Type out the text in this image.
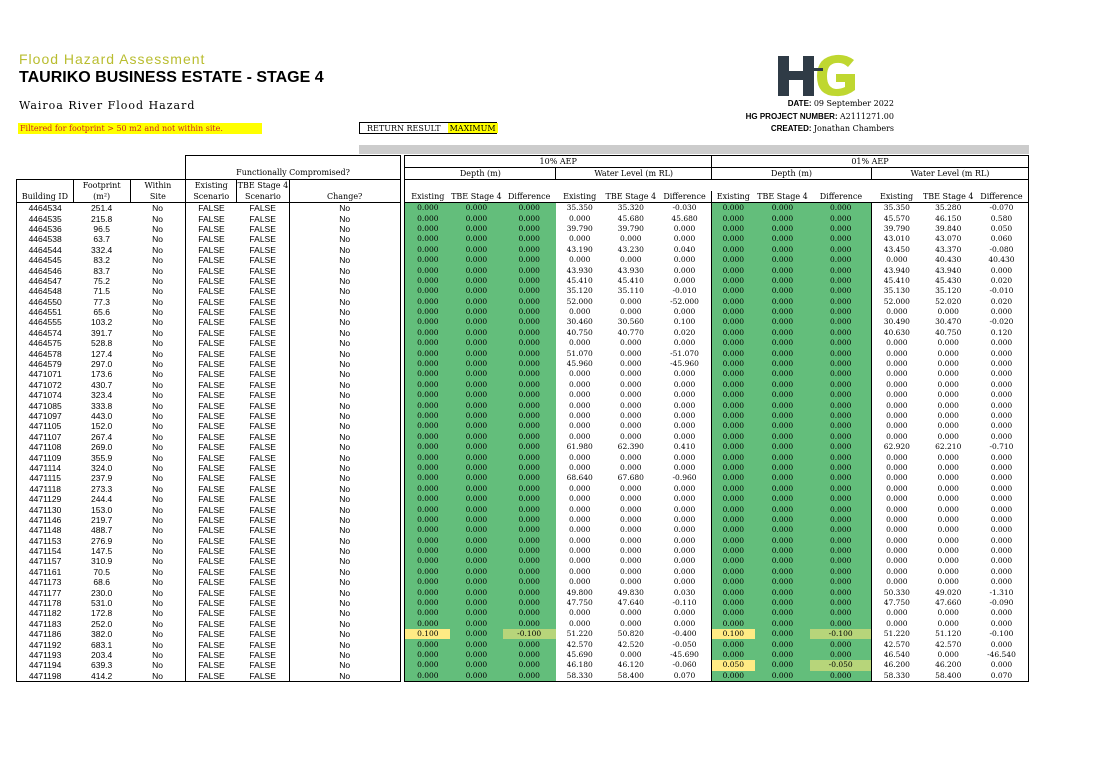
Flood Hazard Assessment
TAURIKO BUSINESS ESTATE - STAGE 4
Wairoa River Flood Hazard
Filtered for footprint > 50 m2 and not within site.	RETURN RESULT	MAXIMUM
DATE: 09 September 2022
HG PROJECT NUMBER: A2111271.00
CREATED: Jonathan Chambers
							10% AEP						01% AEP					
			Functionally Compromised?				Depth (m)			Water Level (m RL)			Depth (m)			Water Level (m RL)		
	Footprint	Within	Existing	TBE Stage 4														
Building ID	(m²)	Site	Scenario	Scenario	Change?		Existing	TBE Stage 4	Difference	Existing	TBE Stage 4	Difference	Existing	TBE Stage 4	Difference	Existing	TBE Stage 4	Difference
4464534	251.4	No	FALSE	FALSE	No		0.000	0.000	0.000	35.350	35.320	-0.030	0.000	0.000	0.000	35.350	35.280	-0.070
4464535	215.8	No	FALSE	FALSE	No		0.000	0.000	0.000	0.000	45.680	45.680	0.000	0.000	0.000	45.570	46.150	0.580
4464536	96.5	No	FALSE	FALSE	No		0.000	0.000	0.000	39.790	39.790	0.000	0.000	0.000	0.000	39.790	39.840	0.050
4464538	63.7	No	FALSE	FALSE	No		0.000	0.000	0.000	0.000	0.000	0.000	0.000	0.000	0.000	43.010	43.070	0.060
4464544	332.4	No	FALSE	FALSE	No		0.000	0.000	0.000	43.190	43.230	0.040	0.000	0.000	0.000	43.450	43.370	-0.080
4464545	83.2	No	FALSE	FALSE	No		0.000	0.000	0.000	0.000	0.000	0.000	0.000	0.000	0.000	0.000	40.430	40.430
4464546	83.7	No	FALSE	FALSE	No		0.000	0.000	0.000	43.930	43.930	0.000	0.000	0.000	0.000	43.940	43.940	0.000
4464547	75.2	No	FALSE	FALSE	No		0.000	0.000	0.000	45.410	45.410	0.000	0.000	0.000	0.000	45.410	45.430	0.020
4464548	71.5	No	FALSE	FALSE	No		0.000	0.000	0.000	35.120	35.110	-0.010	0.000	0.000	0.000	35.130	35.120	-0.010
4464550	77.3	No	FALSE	FALSE	No		0.000	0.000	0.000	52.000	0.000	-52.000	0.000	0.000	0.000	52.000	52.020	0.020
4464551	65.6	No	FALSE	FALSE	No		0.000	0.000	0.000	0.000	0.000	0.000	0.000	0.000	0.000	0.000	0.000	0.000
4464555	103.2	No	FALSE	FALSE	No		0.000	0.000	0.000	30.460	30.560	0.100	0.000	0.000	0.000	30.490	30.470	-0.020
4464574	391.7	No	FALSE	FALSE	No		0.000	0.000	0.000	40.750	40.770	0.020	0.000	0.000	0.000	40.630	40.750	0.120
4464575	528.8	No	FALSE	FALSE	No		0.000	0.000	0.000	0.000	0.000	0.000	0.000	0.000	0.000	0.000	0.000	0.000
4464578	127.4	No	FALSE	FALSE	No		0.000	0.000	0.000	51.070	0.000	-51.070	0.000	0.000	0.000	0.000	0.000	0.000
4464579	297.0	No	FALSE	FALSE	No		0.000	0.000	0.000	45.960	0.000	-45.960	0.000	0.000	0.000	0.000	0.000	0.000
4471071	173.6	No	FALSE	FALSE	No		0.000	0.000	0.000	0.000	0.000	0.000	0.000	0.000	0.000	0.000	0.000	0.000
4471072	430.7	No	FALSE	FALSE	No		0.000	0.000	0.000	0.000	0.000	0.000	0.000	0.000	0.000	0.000	0.000	0.000
4471074	323.4	No	FALSE	FALSE	No		0.000	0.000	0.000	0.000	0.000	0.000	0.000	0.000	0.000	0.000	0.000	0.000
4471085	333.8	No	FALSE	FALSE	No		0.000	0.000	0.000	0.000	0.000	0.000	0.000	0.000	0.000	0.000	0.000	0.000
4471097	443.0	No	FALSE	FALSE	No		0.000	0.000	0.000	0.000	0.000	0.000	0.000	0.000	0.000	0.000	0.000	0.000
4471105	152.0	No	FALSE	FALSE	No		0.000	0.000	0.000	0.000	0.000	0.000	0.000	0.000	0.000	0.000	0.000	0.000
4471107	267.4	No	FALSE	FALSE	No		0.000	0.000	0.000	0.000	0.000	0.000	0.000	0.000	0.000	0.000	0.000	0.000
4471108	269.0	No	FALSE	FALSE	No		0.000	0.000	0.000	61.980	62.390	0.410	0.000	0.000	0.000	62.920	62.210	-0.710
4471109	355.9	No	FALSE	FALSE	No		0.000	0.000	0.000	0.000	0.000	0.000	0.000	0.000	0.000	0.000	0.000	0.000
4471114	324.0	No	FALSE	FALSE	No		0.000	0.000	0.000	0.000	0.000	0.000	0.000	0.000	0.000	0.000	0.000	0.000
4471115	237.9	No	FALSE	FALSE	No		0.000	0.000	0.000	68.640	67.680	-0.960	0.000	0.000	0.000	0.000	0.000	0.000
4471118	273.3	No	FALSE	FALSE	No		0.000	0.000	0.000	0.000	0.000	0.000	0.000	0.000	0.000	0.000	0.000	0.000
4471129	244.4	No	FALSE	FALSE	No		0.000	0.000	0.000	0.000	0.000	0.000	0.000	0.000	0.000	0.000	0.000	0.000
4471130	153.0	No	FALSE	FALSE	No		0.000	0.000	0.000	0.000	0.000	0.000	0.000	0.000	0.000	0.000	0.000	0.000
4471146	219.7	No	FALSE	FALSE	No		0.000	0.000	0.000	0.000	0.000	0.000	0.000	0.000	0.000	0.000	0.000	0.000
4471148	488.7	No	FALSE	FALSE	No		0.000	0.000	0.000	0.000	0.000	0.000	0.000	0.000	0.000	0.000	0.000	0.000
4471153	276.9	No	FALSE	FALSE	No		0.000	0.000	0.000	0.000	0.000	0.000	0.000	0.000	0.000	0.000	0.000	0.000
4471154	147.5	No	FALSE	FALSE	No		0.000	0.000	0.000	0.000	0.000	0.000	0.000	0.000	0.000	0.000	0.000	0.000
4471157	310.9	No	FALSE	FALSE	No		0.000	0.000	0.000	0.000	0.000	0.000	0.000	0.000	0.000	0.000	0.000	0.000
4471161	70.5	No	FALSE	FALSE	No		0.000	0.000	0.000	0.000	0.000	0.000	0.000	0.000	0.000	0.000	0.000	0.000
4471173	68.6	No	FALSE	FALSE	No		0.000	0.000	0.000	0.000	0.000	0.000	0.000	0.000	0.000	0.000	0.000	0.000
4471177	230.0	No	FALSE	FALSE	No		0.000	0.000	0.000	49.800	49.830	0.030	0.000	0.000	0.000	50.330	49.020	-1.310
4471178	531.0	No	FALSE	FALSE	No		0.000	0.000	0.000	47.750	47.640	-0.110	0.000	0.000	0.000	47.750	47.660	-0.090
4471182	172.8	No	FALSE	FALSE	No		0.000	0.000	0.000	0.000	0.000	0.000	0.000	0.000	0.000	0.000	0.000	0.000
4471183	252.0	No	FALSE	FALSE	No		0.000	0.000	0.000	0.000	0.000	0.000	0.000	0.000	0.000	0.000	0.000	0.000
4471186	382.0	No	FALSE	FALSE	No		0.100	0.000	-0.100	51.220	50.820	-0.400	0.100	0.000	-0.100	51.220	51.120	-0.100
4471192	683.1	No	FALSE	FALSE	No		0.000	0.000	0.000	42.570	42.520	-0.050	0.000	0.000	0.000	42.570	42.570	0.000
4471193	203.4	No	FALSE	FALSE	No		0.000	0.000	0.000	45.690	0.000	-45.690	0.000	0.000	0.000	46.540	0.000	-46.540
4471194	639.3	No	FALSE	FALSE	No		0.000	0.000	0.000	46.180	46.120	-0.060	0.050	0.000	-0.050	46.200	46.200	0.000
4471198	414.2	No	FALSE	FALSE	No		0.000	0.000	0.000	58.330	58.400	0.070	0.000	0.000	0.000	58.330	58.400	0.070
